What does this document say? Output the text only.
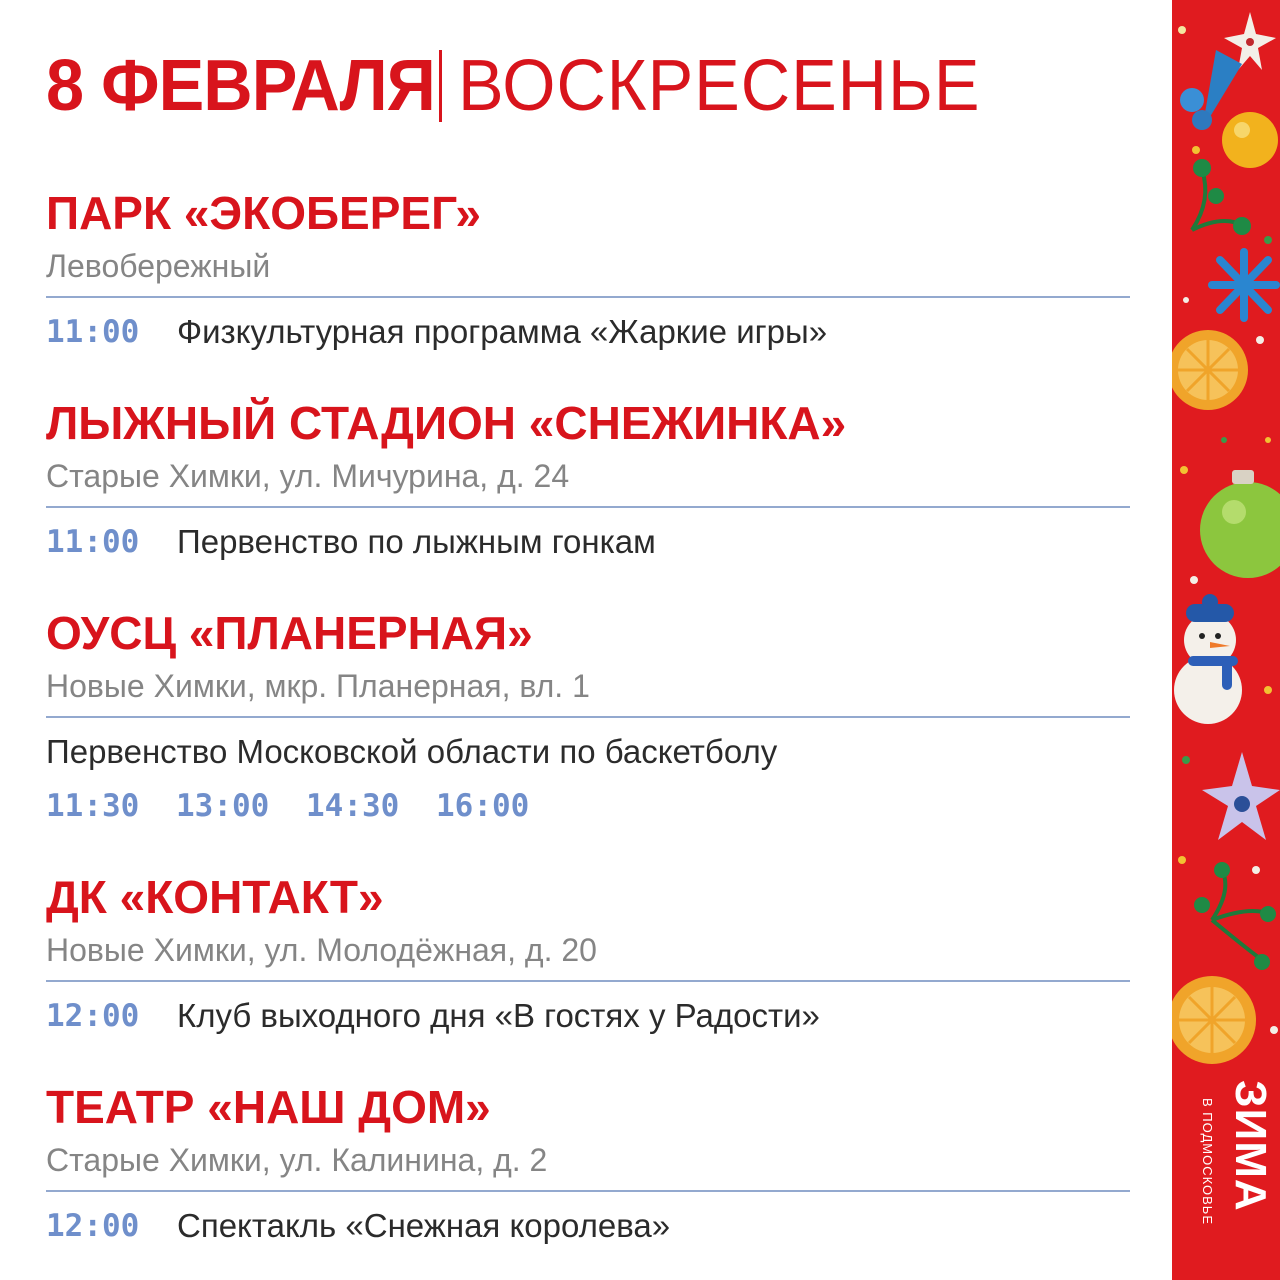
8 ФЕВРАЛЯ ВОСКРЕСЕНЬЕ
ПАРК «ЭКОБЕРЕГ»
Левобережный
11:00	Физкультурная программа «Жаркие игры»
ЛЫЖНЫЙ СТАДИОН «СНЕЖИНКА»
Старые Химки, ул. Мичурина, д. 24
11:00	Первенство по лыжным гонкам
ОУСЦ «ПЛАНЕРНАЯ»
Новые Химки, мкр. Планерная, вл. 1
Первенство Московской области по баскетболу
11:30	13:00	14:30	16:00
ДК «КОНТАКТ»
Новые Химки, ул. Молодёжная, д. 20
12:00	Клуб выходного дня «В гостях у Радости»
ТЕАТР «НАШ ДОМ»
Старые Химки, ул. Калинина, д. 2
12:00	Спектакль «Снежная королева»
ЗИМА
В ПОДМОСКОВЬЕ
